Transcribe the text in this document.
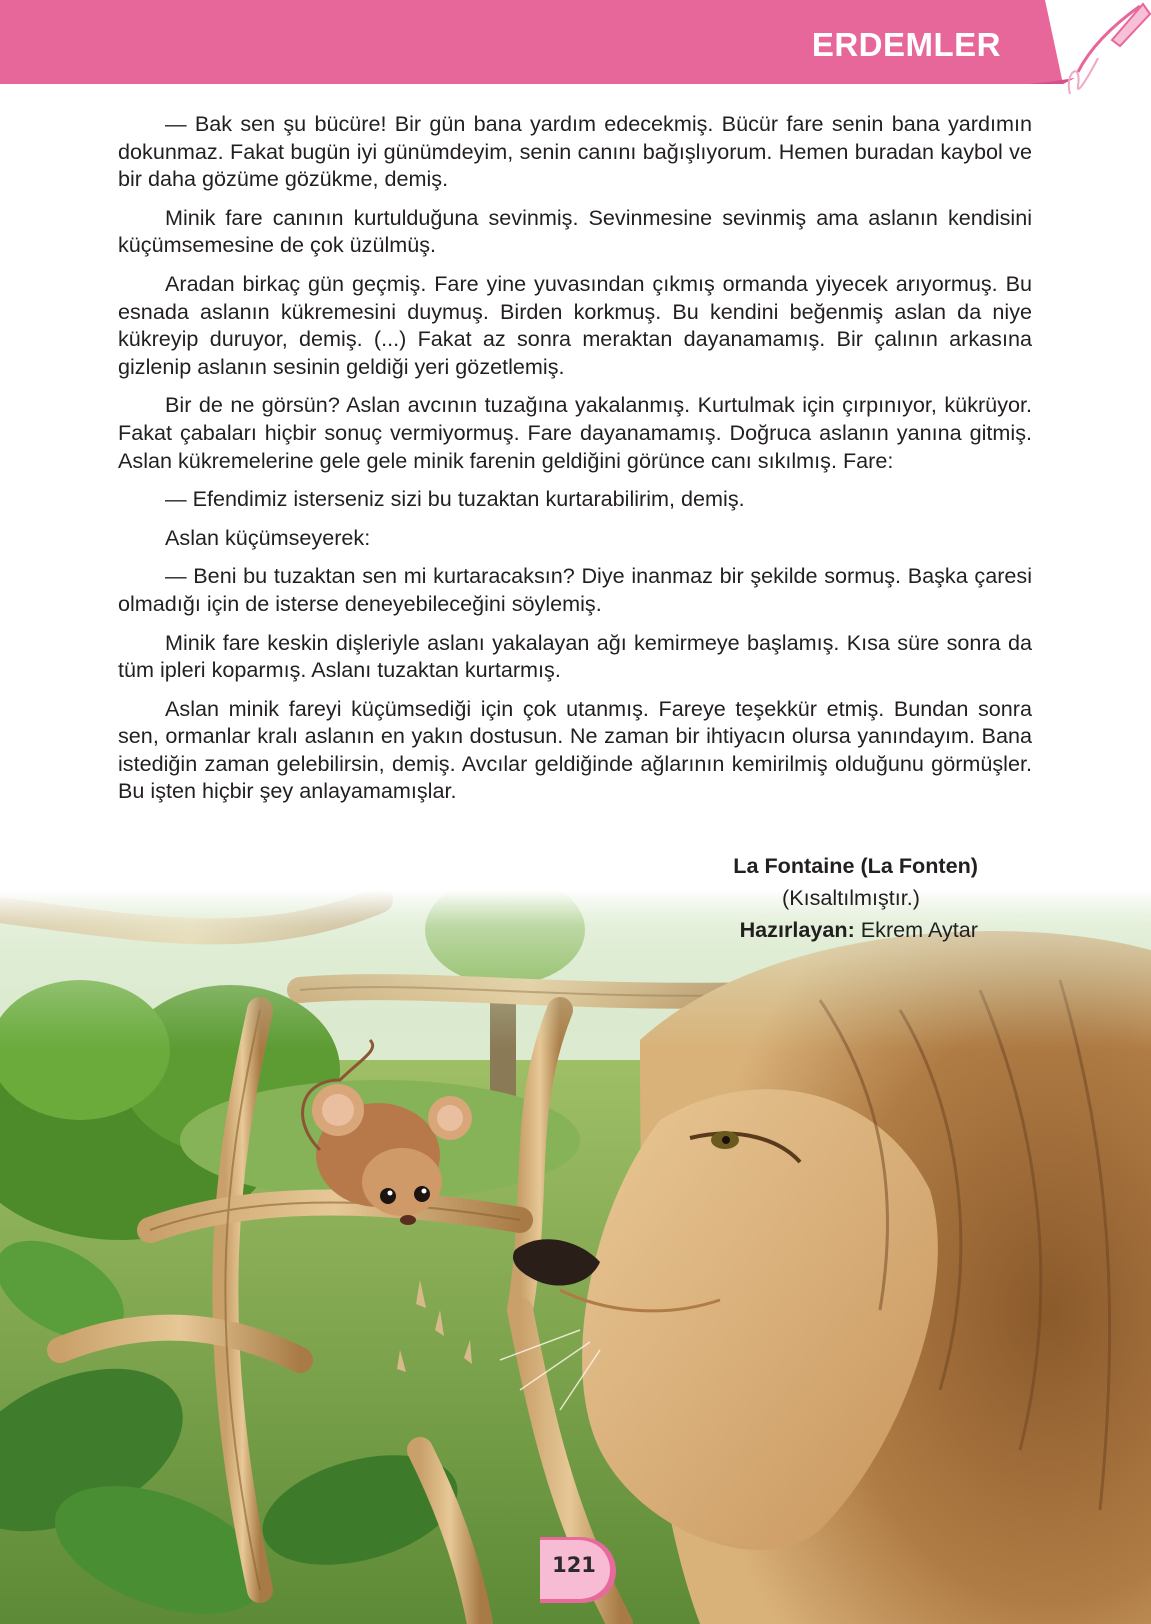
ERDEMLER

— Bak sen şu bücüre! Bir gün bana yardım edecekmiş. Bücür fare senin bana yardımın dokunmaz. Fakat bugün iyi günümdeyim, senin canını bağışlıyorum. Hemen buradan kaybol ve bir daha gözüme gözükme, demiş.

Minik fare canının kurtulduğuna sevinmiş. Sevinmesine sevinmiş ama aslanın kendisini küçümsemesine de çok üzülmüş.

Aradan birkaç gün geçmiş. Fare yine yuvasından çıkmış ormanda yiyecek arıyormuş. Bu esnada aslanın kükremesini duymuş. Birden korkmuş. Bu kendini beğenmiş aslan da niye kükreyip duruyor, demiş. (...) Fakat az sonra meraktan dayanamamış. Bir çalının arkasına gizlenip aslanın sesinin geldiği yeri gözetlemiş.

Bir de ne görsün? Aslan avcının tuzağına yakalanmış. Kurtulmak için çırpınıyor, kükrüyor. Fakat çabaları hiçbir sonuç vermiyormuş. Fare dayanamamış. Doğruca aslanın yanına gitmiş. Aslan kükremelerine gele gele minik farenin geldiğini görünce canı sıkılmış. Fare:

— Efendimiz isterseniz sizi bu tuzaktan kurtarabilirim, demiş.

Aslan küçümseyerek:

— Beni bu tuzaktan sen mi kurtaracaksın? Diye inanmaz bir şekilde sormuş. Başka çaresi olmadığı için de isterse deneyebileceğini söylemiş.

Minik fare keskin dişleriyle aslanı yakalayan ağı kemirmeye başlamış. Kısa süre sonra da tüm ipleri koparmış. Aslanı tuzaktan kurtarmış.

Aslan minik fareyi küçümsediği için çok utanmış. Fareye teşekkür etmiş. Bundan sonra sen, ormanlar kralı aslanın en yakın dostusun. Ne zaman bir ihtiyacın olursa yanındayım. Bana istediğin zaman gelebilirsin, demiş. Avcılar geldiğinde ağlarının kemirilmiş olduğunu görmüşler. Bu işten hiçbir şey anlayamamışlar.

La Fontaine (La Fonten)
(Kısaltılmıştır.)
Hazırlayan: Ekrem Aytar
121
